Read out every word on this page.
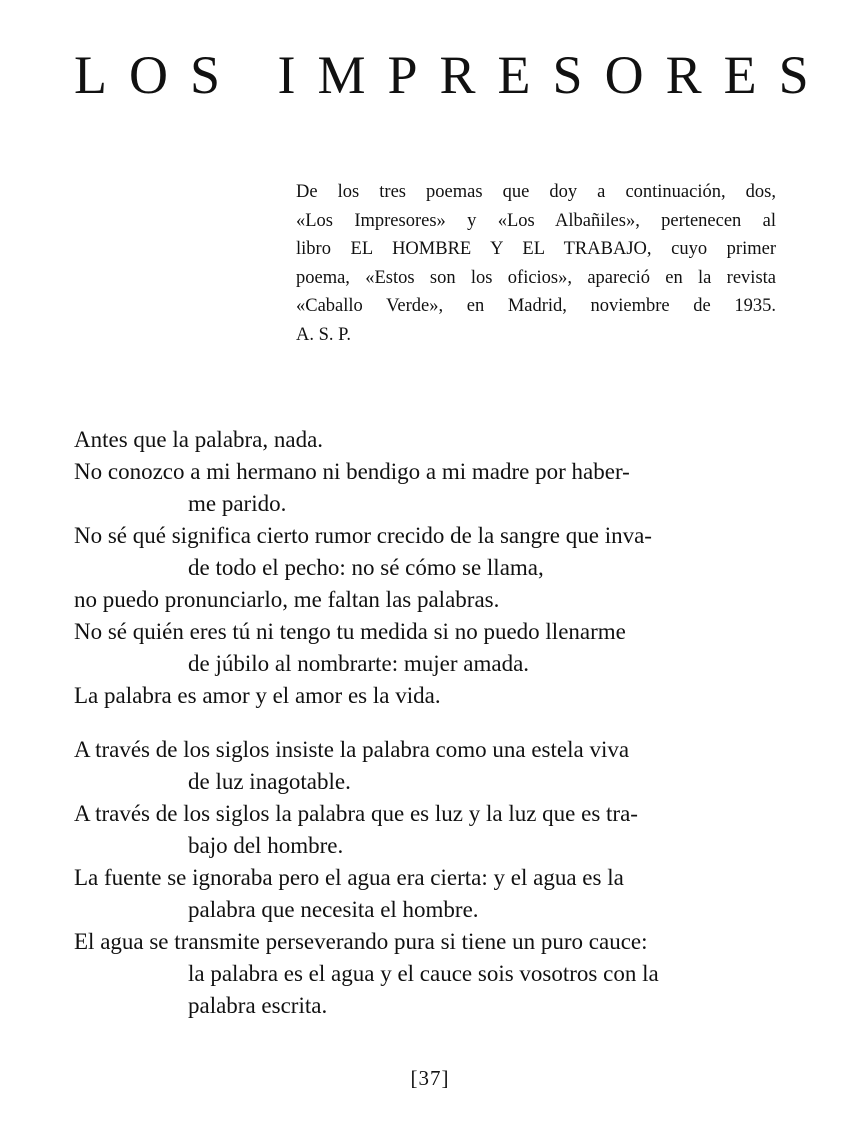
LOS IMPRESORES
De los tres poemas que doy a continuación, dos,
«Los Impresores» y «Los Albañiles», pertenecen al
libro EL HOMBRE Y EL TRABAJO, cuyo primer
poema, «Estos son los oficios», apareció en la revista
«Caballo Verde», en Madrid, noviembre de 1935.
A. S. P.
Antes que la palabra, nada.
No conozco a mi hermano ni bendigo a mi madre por haber-
me parido.
No sé qué significa cierto rumor crecido de la sangre que inva-
de todo el pecho: no sé cómo se llama,
no puedo pronunciarlo, me faltan las palabras.
No sé quién eres tú ni tengo tu medida si no puedo llenarme
de júbilo al nombrarte: mujer amada.
La palabra es amor y el amor es la vida.
A través de los siglos insiste la palabra como una estela viva
de luz inagotable.
A través de los siglos la palabra que es luz y la luz que es tra-
bajo del hombre.
La fuente se ignoraba pero el agua era cierta: y el agua es la
palabra que necesita el hombre.
El agua se transmite perseverando pura si tiene un puro cauce:
la palabra es el agua y el cauce sois vosotros con la
palabra escrita.
[37]
